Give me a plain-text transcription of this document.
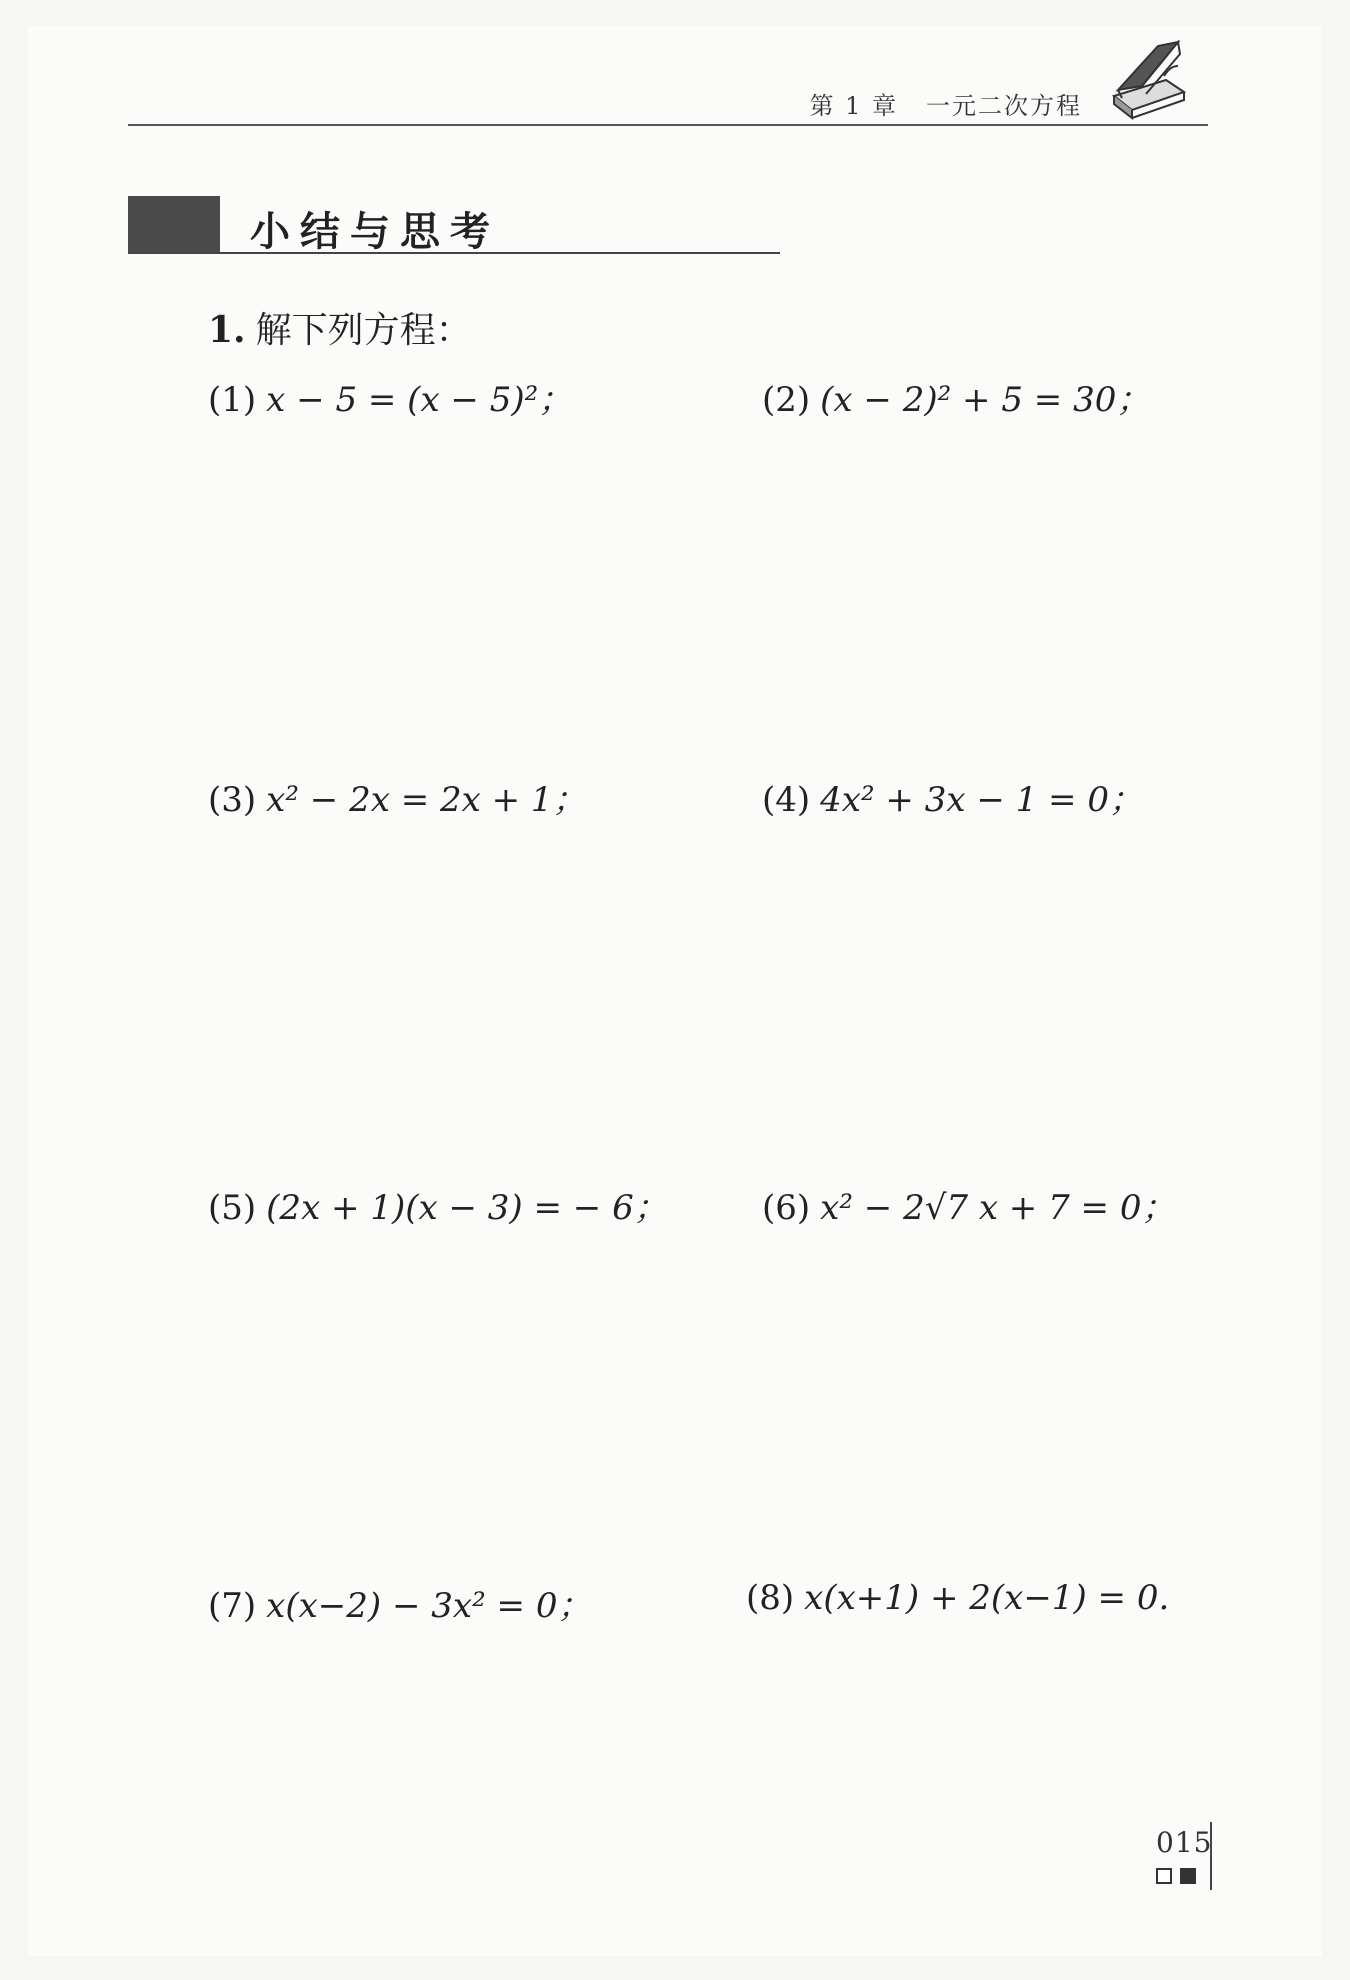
第 1 章 一元二次方程
小结与思考
1. 解下列方程：
(1) x − 5 = (x − 5)²；	(2) (x − 2)² + 5 = 30；
(3) x² − 2x = 2x + 1；	(4) 4x² + 3x − 1 = 0；
(5) (2x + 1)(x − 3) = − 6；	(6) x² − 2√7 x + 7 = 0；
(7) x(x−2) − 3x² = 0；	(8) x(x+1) + 2(x−1) = 0.
015
